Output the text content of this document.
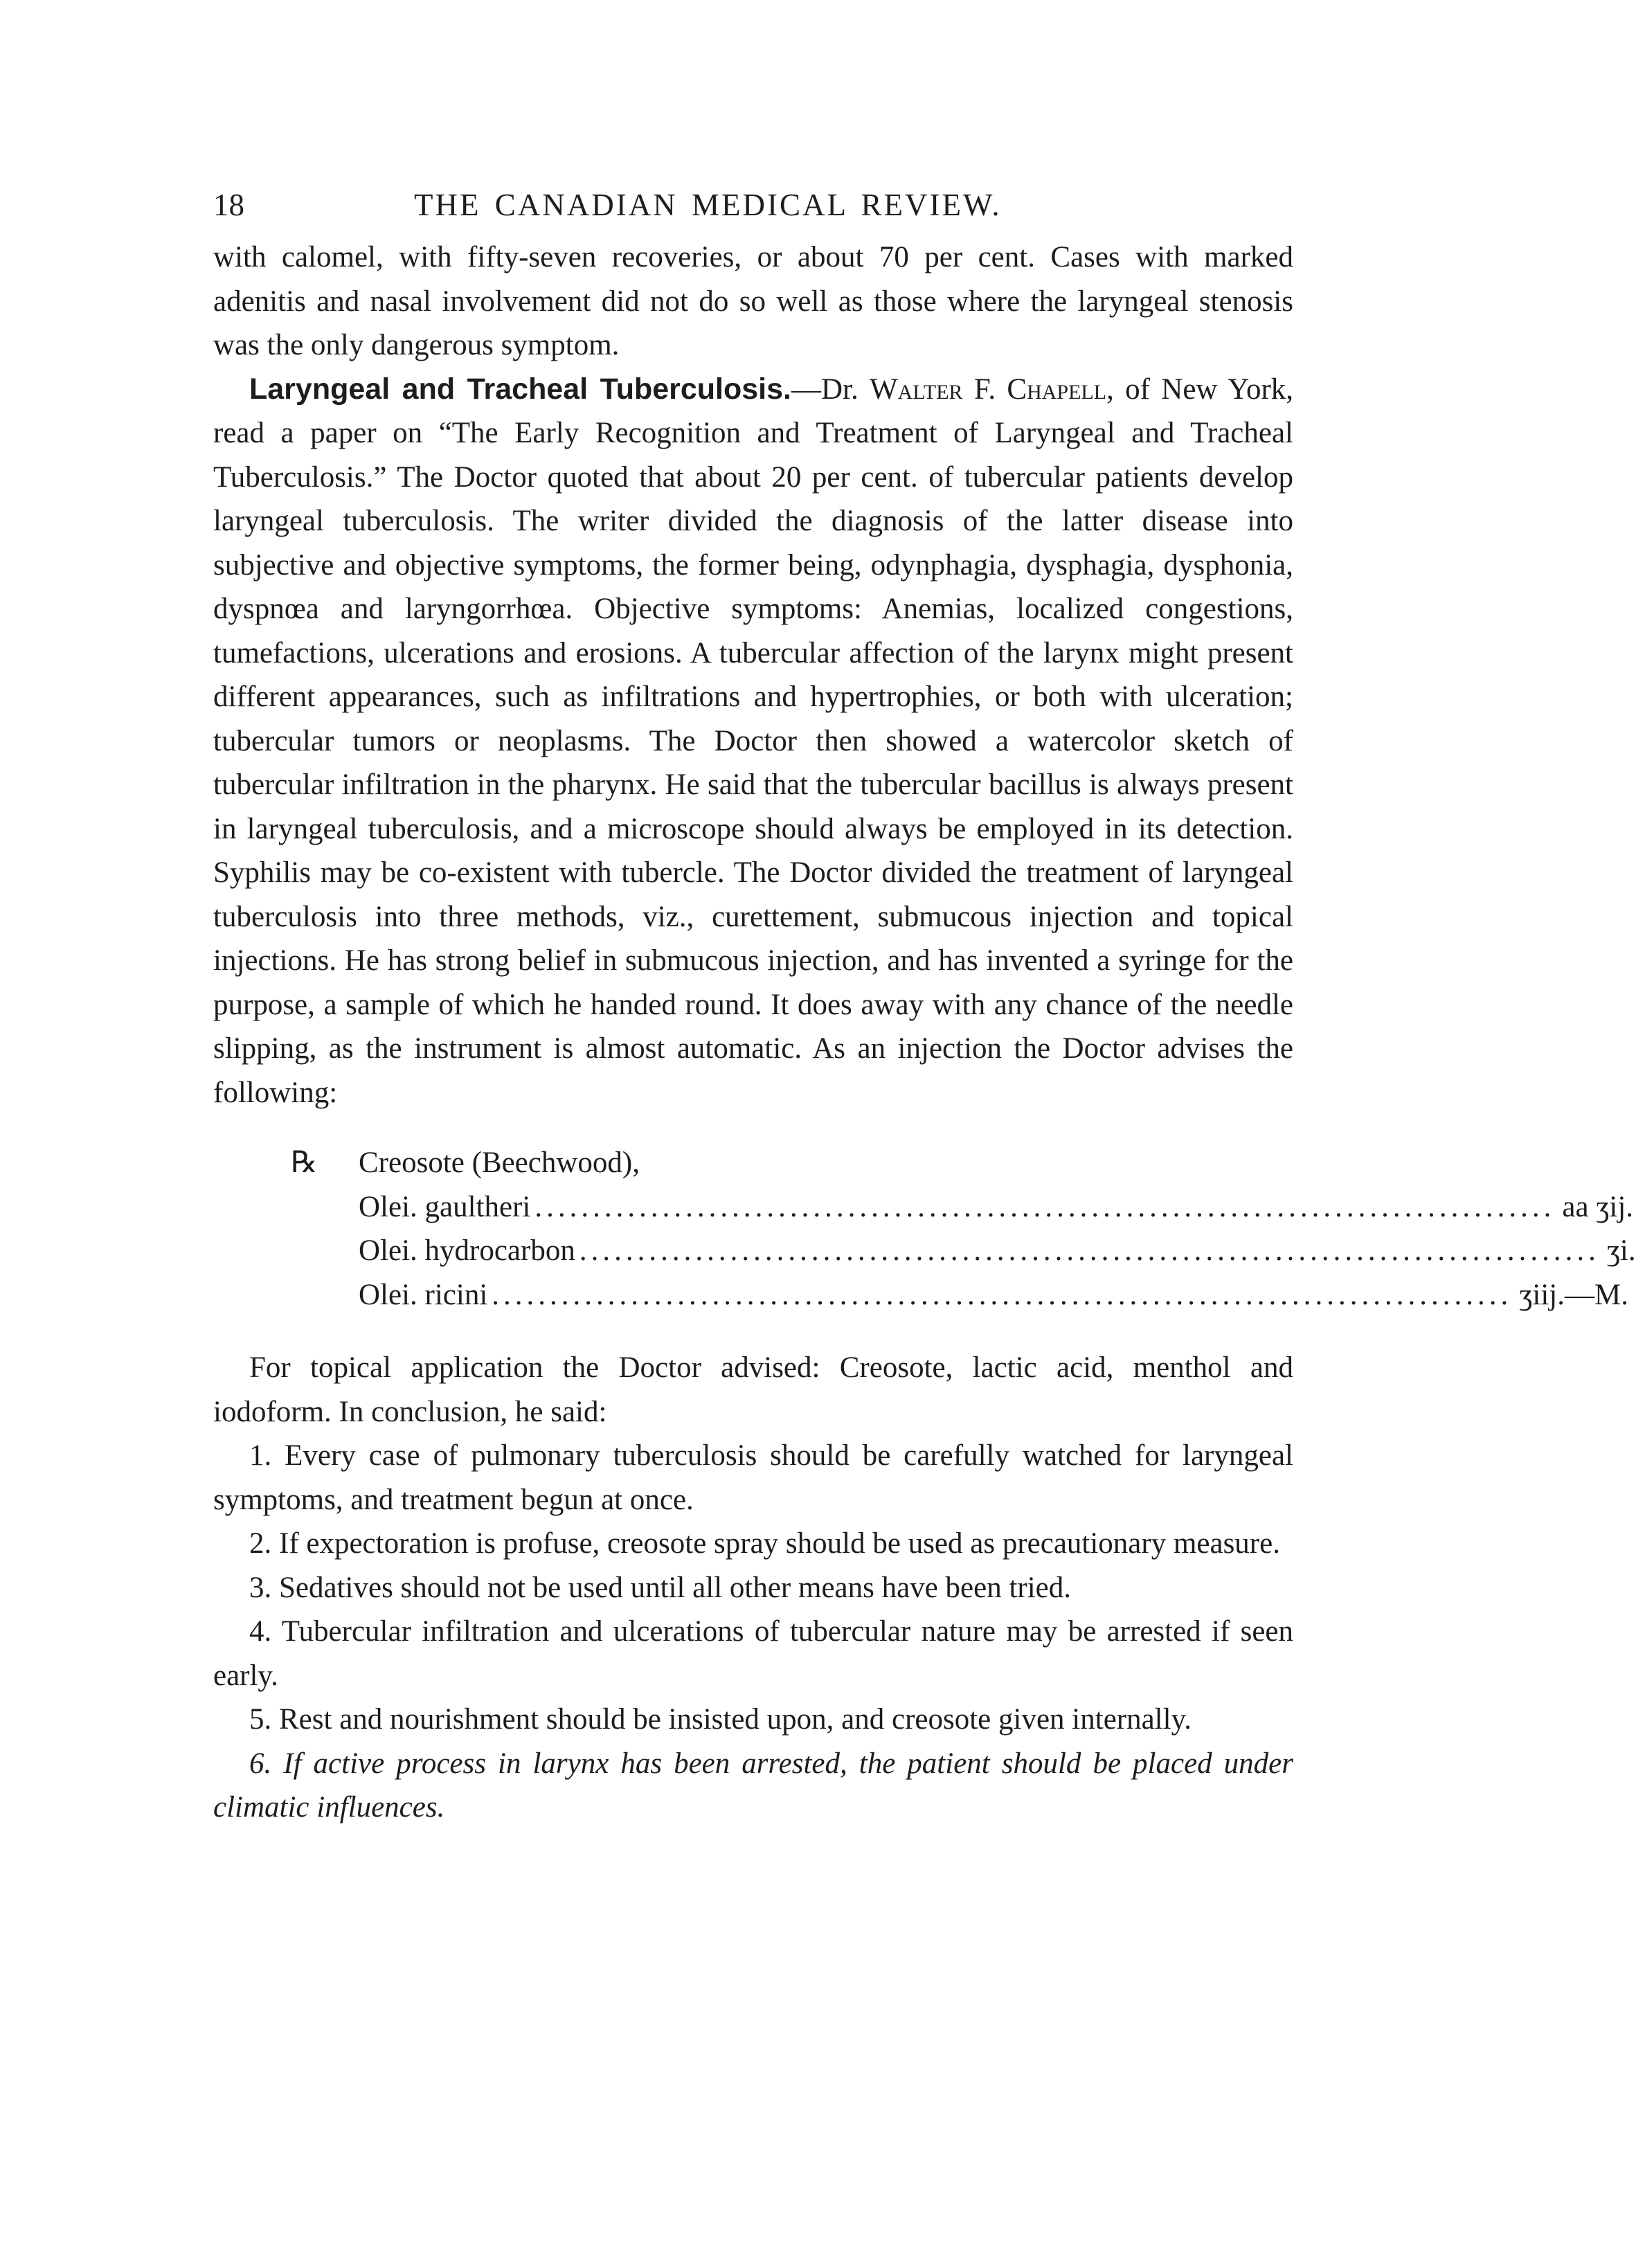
18	THE CANADIAN MEDICAL REVIEW.

with calomel, with fifty-seven recoveries, or about 70 per cent. Cases with marked adenitis and nasal involvement did not do so well as those where the laryngeal stenosis was the only dangerous symptom.

Laryngeal and Tracheal Tuberculosis.—Dr. Walter F. Chapell, of New York, read a paper on “The Early Recognition and Treatment of Laryngeal and Tracheal Tuberculosis.” The Doctor quoted that about 20 per cent. of tubercular patients develop laryngeal tuberculosis. The writer divided the diagnosis of the latter disease into subjective and objective symptoms, the former being, odynphagia, dysphagia, dysphonia, dyspnœa and laryngorrhœa. Objective symptoms: Anemias, localized congestions, tumefactions, ulcerations and erosions. A tubercular affection of the larynx might present different appearances, such as infiltrations and hypertrophies, or both with ulceration; tubercular tumors or neoplasms. The Doctor then showed a watercolor sketch of tubercular infiltration in the pharynx. He said that the tubercular bacillus is always present in laryngeal tuberculosis, and a microscope should always be employed in its detection. Syphilis may be co-existent with tubercle. The Doctor divided the treatment of laryngeal tuberculosis into three methods, viz., curettement, submucous injection and topical injections. He has strong belief in submucous injection, and has invented a syringe for the purpose, a sample of which he handed round. It does away with any chance of the needle slipping, as the instrument is almost automatic. As an injection the Doctor advises the following:

℞ Creosote (Beechwood),
Olei. gaultheri ........................................................................................ aa ʒij.
Olei. hydrocarbon ........................................................................................ ʒi.
Olei. ricini ........................................................................................ ʒiij.—M.

For topical application the Doctor advised: Creosote, lactic acid, menthol and iodoform. In conclusion, he said:

1. Every case of pulmonary tuberculosis should be carefully watched for laryngeal symptoms, and treatment begun at once.

2. If expectoration is profuse, creosote spray should be used as precautionary measure.

3. Sedatives should not be used until all other means have been tried.

4. Tubercular infiltration and ulcerations of tubercular nature may be arrested if seen early.

5. Rest and nourishment should be insisted upon, and creosote given internally.

6. If active process in larynx has been arrested, the patient should be placed under climatic influences.
